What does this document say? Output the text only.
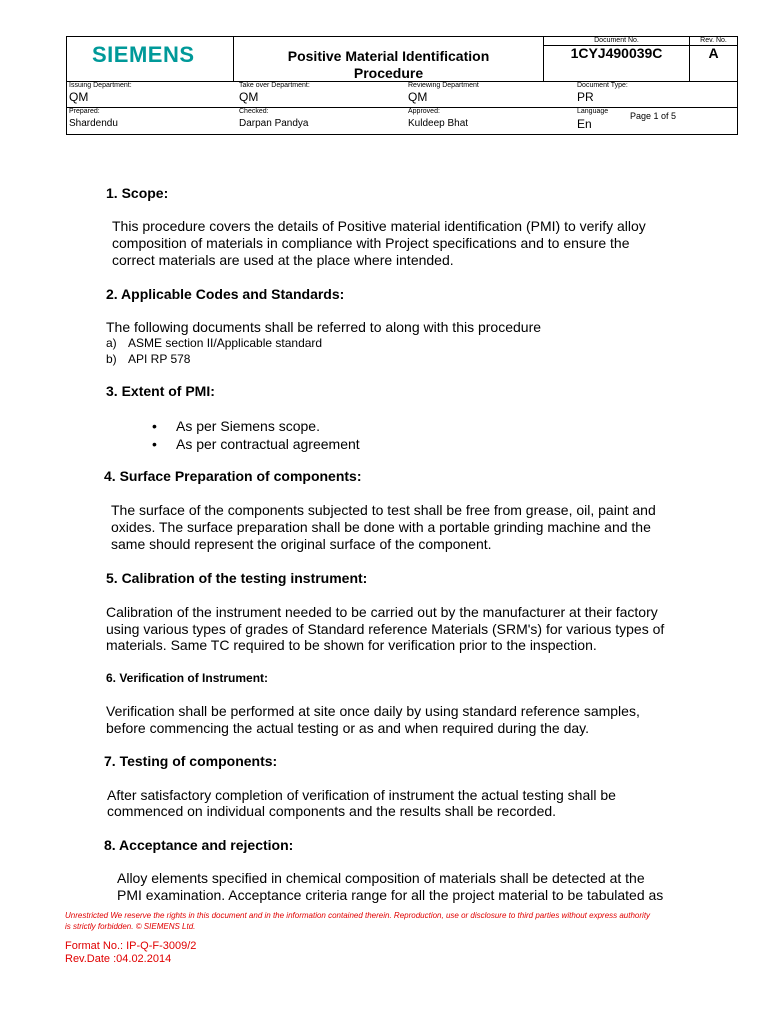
SIEMENS	Positive Material Identification
Procedure
Document No.
1CYJ490039C
Rev. No.
A
Issuing Department:
QM
Take over Department:
QM
Reviewing Department
QM
Document Type:
PR
Prepared:
Shardendu
Checked:
Darpan Pandya
Approved:
Kuldeep Bhat
Language
En
Page 1 of 5
1. Scope:
This procedure covers the details of Positive material identification (PMI) to verify alloy
composition of materials in compliance with Project specifications and to ensure the
correct materials are used at the place where intended.
2. Applicable Codes and Standards:
The following documents shall be referred to along with this procedure
a) ASME section II/Applicable standard
b) API RP 578
3. Extent of PMI:
• As per Siemens scope.
• As per contractual agreement
4. Surface Preparation of components:
The surface of the components subjected to test shall be free from grease, oil, paint and
oxides. The surface preparation shall be done with a portable grinding machine and the
same should represent the original surface of the component.
5. Calibration of the testing instrument:
Calibration of the instrument needed to be carried out by the manufacturer at their factory
using various types of grades of Standard reference Materials (SRM's) for various types of
materials. Same TC required to be shown for verification prior to the inspection.
6. Verification of Instrument:
Verification shall be performed at site once daily by using standard reference samples,
before commencing the actual testing or as and when required during the day.
7. Testing of components:
After satisfactory completion of verification of instrument the actual testing shall be
commenced on individual components and the results shall be recorded.
8. Acceptance and rejection:
Alloy elements specified in chemical composition of materials shall be detected at the
PMI examination. Acceptance criteria range for all the project material to be tabulated as
Unrestricted We reserve the rights in this document and in the information contained therein. Reproduction, use or disclosure to third parties without express authority
is strictly forbidden. © SIEMENS Ltd.
Format No.: IP-Q-F-3009/2
Rev.Date :04.02.2014
